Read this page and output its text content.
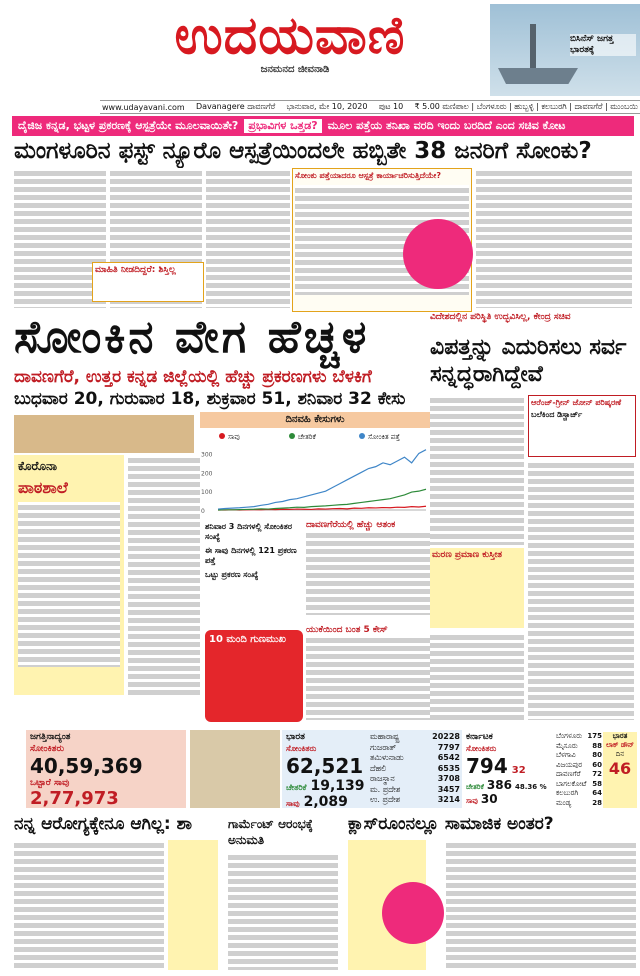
ಉದಯವಾಣಿ
ಜನಮನದ ಜೀವನಾಡಿ
ಬಿಸಿನೆಸ್ ಜಗತ್ತ ಭಾರತಕ್ಕೆ
www.udayavani.com Davanagere ದಾವಣಗೆರೆ ಭಾನುವಾರ, ಮೇ 10, 2020 ಪುಟ 10 ₹ 5.00 ಮಣಿಪಾಲ | ಬೆಂಗಳೂರು | ಹುಬ್ಬಳ್ಳಿ | ಕಲಬುರಗಿ | ದಾವಣಗೆರೆ | ಮುಂಬಯಿ
ದೈಜಿಜ ಕನ್ನಡ, ಭಟ್ಟಳ ಪ್ರಕರಣಕ್ಕೆ ಆಸ್ಪತ್ರೆಯೇ ಮೂಲವಾಯಿತೇ? ಪ್ರಭಾವಿಗಳ ಒತ್ತಡ? ಮೂಲ ಪತ್ತೆಯ ತನಿಖಾ ವರದಿ ಇಂದು ಬರದಿದೆ ಎಂದ ಸಚಿವ ಕೋಟ
ಮಂಗಳೂರಿನ ಫಸ್ಟ್ ನ್ಯೂರೊ ಆಸ್ಪತ್ರೆಯಿಂದಲೇ ಹಬ್ಬಿತೇ 38 ಜನರಿಗೆ ಸೋಂಕು?
ಮಾಹಿತಿ ನೀಡದಿದ್ದರೆ: ಶಿಸ್ತಿಲ್ಲ
ಸೋಂಕು ಪತ್ತೆಯಾದರೂ ಆಸ್ಪತ್ರೆ ಕಾರ್ಯಾಚರಿಸುತ್ತಿದೆಯೇ?
ಸೋಂಕಿನ ವೇಗ ಹೆಚ್ಚಳ
ದಾವಣಗೆರೆ, ಉತ್ತರ ಕನ್ನಡ ಜಿಲ್ಲೆಯಲ್ಲಿ ಹೆಚ್ಚು ಪ್ರಕರಣಗಳು ಬೆಳಕಿಗೆ
ಬುಧವಾರ 20, ಗುರುವಾರ 18, ಶುಕ್ರವಾರ 51, ಶನಿವಾರ 32 ಕೇಸು
ಕೊರೊನಾ
ಪಾಠಶಾಲೆ
ದಿನವಹಿ ಕೇಸುಗಳು
ಸಾವು	ಚೇತರಿಕೆ	ಸೋಂಕಿತ ಪತ್ತೆ
0
100
200
300
ಶನಿವಾರ 3 ದಿನಗಳಲ್ಲಿ ಸೋಂಕಿತರ ಸಂಖ್ಯೆ
ಈ ಸಾವು ದಿನಗಳಲ್ಲಿ 121 ಪ್ರಕರಣ ಪತ್ತೆ
ಒಟ್ಟು ಪ್ರಕರಣ ಸಂಖ್ಯೆ
ದಾವಣಗೆರೆಯಲ್ಲಿ ಹೆಚ್ಚು ಆತಂಕ
ಯುಕೆಯಿಂದ ಬಂತ 5 ಕೇಸ್
10 ಮಂದಿ ಗುಣಮುಖ
ವಿದೇಶದಲ್ಲಿನ ಪರಿಸ್ಥಿತಿ ಉದ್ಭವಿಸಿಲ್ಲ, ಕೇಂದ್ರ ಸಚಿವ
ವಿಪತ್ತನ್ನು ಎದುರಿಸಲು ಸರ್ವ ಸನ್ನದ್ಧರಾಗಿದ್ದೇವೆ
ಆರೆಂಜ್-ಗ್ರೀನ್ ಜೋನ್ ಪರಿಷ್ಕರಣೆ
ಬಲೆಕಿಂದ ಡಿಸ್ಚಾರ್ಜ್
ಮರಣ ಪ್ರಮಾಣ ಕುಸ್ತೀತ
ಜಗತ್ತಿನಾದ್ಯಂತ
ಸೋಂಕಿತರು
40,59,369
ಒಟ್ಟಾರೆ ಸಾವು
2,77,973
ಭಾರತ
ಸೋಂಕಿತರು
62,521
ಚೇತರಿಕೆ 19,139
ಸಾವು 2,089
ಮಹಾರಾಷ್ಟ್ರ	20228
ಗುಜರಾತ್	7797
ತಮಿಳುನಾಡು	6542
ದೆಹಲಿ	6535
ರಾಜಸ್ಥಾನ	3708
ಮ. ಪ್ರದೇಶ	3457
ಉ. ಪ್ರದೇಶ	3214
ಕರ್ನಾಟಕ
ಸೋಂಕಿತರು
794 32
ಚೇತರಿಕೆ 386 48.36 %
ಸಾವು 30
ಬೆಂಗಳೂರು 175
ಮೈಸೂರು 88
ಬೆಳಗಾವಿ 80
ವಿಜಯಪುರ 60
ದಾವಣಗೆರೆ 72
ಬಾಗಲಕೋಟೆ 58
ಕಲಬುರಗಿ 64
ಮಂಡ್ಯ	28
ಭಾರತ
ಲಾಕ್ ಡೌನ್
ದಿನ
46
ನನ್ನ ಆರೋಗ್ಯಕ್ಕೇನೂ ಆಗಿಲ್ಲ: ಶಾ	ಗಾರ್ಮೆಂಟ್ ಆರಂಭಕ್ಕೆ ಅನುಮತಿ
ಕ್ಲಾಸ್‌ರೂಂನಲ್ಲೂ ಸಾಮಾಜಿಕ ಅಂತರ?
